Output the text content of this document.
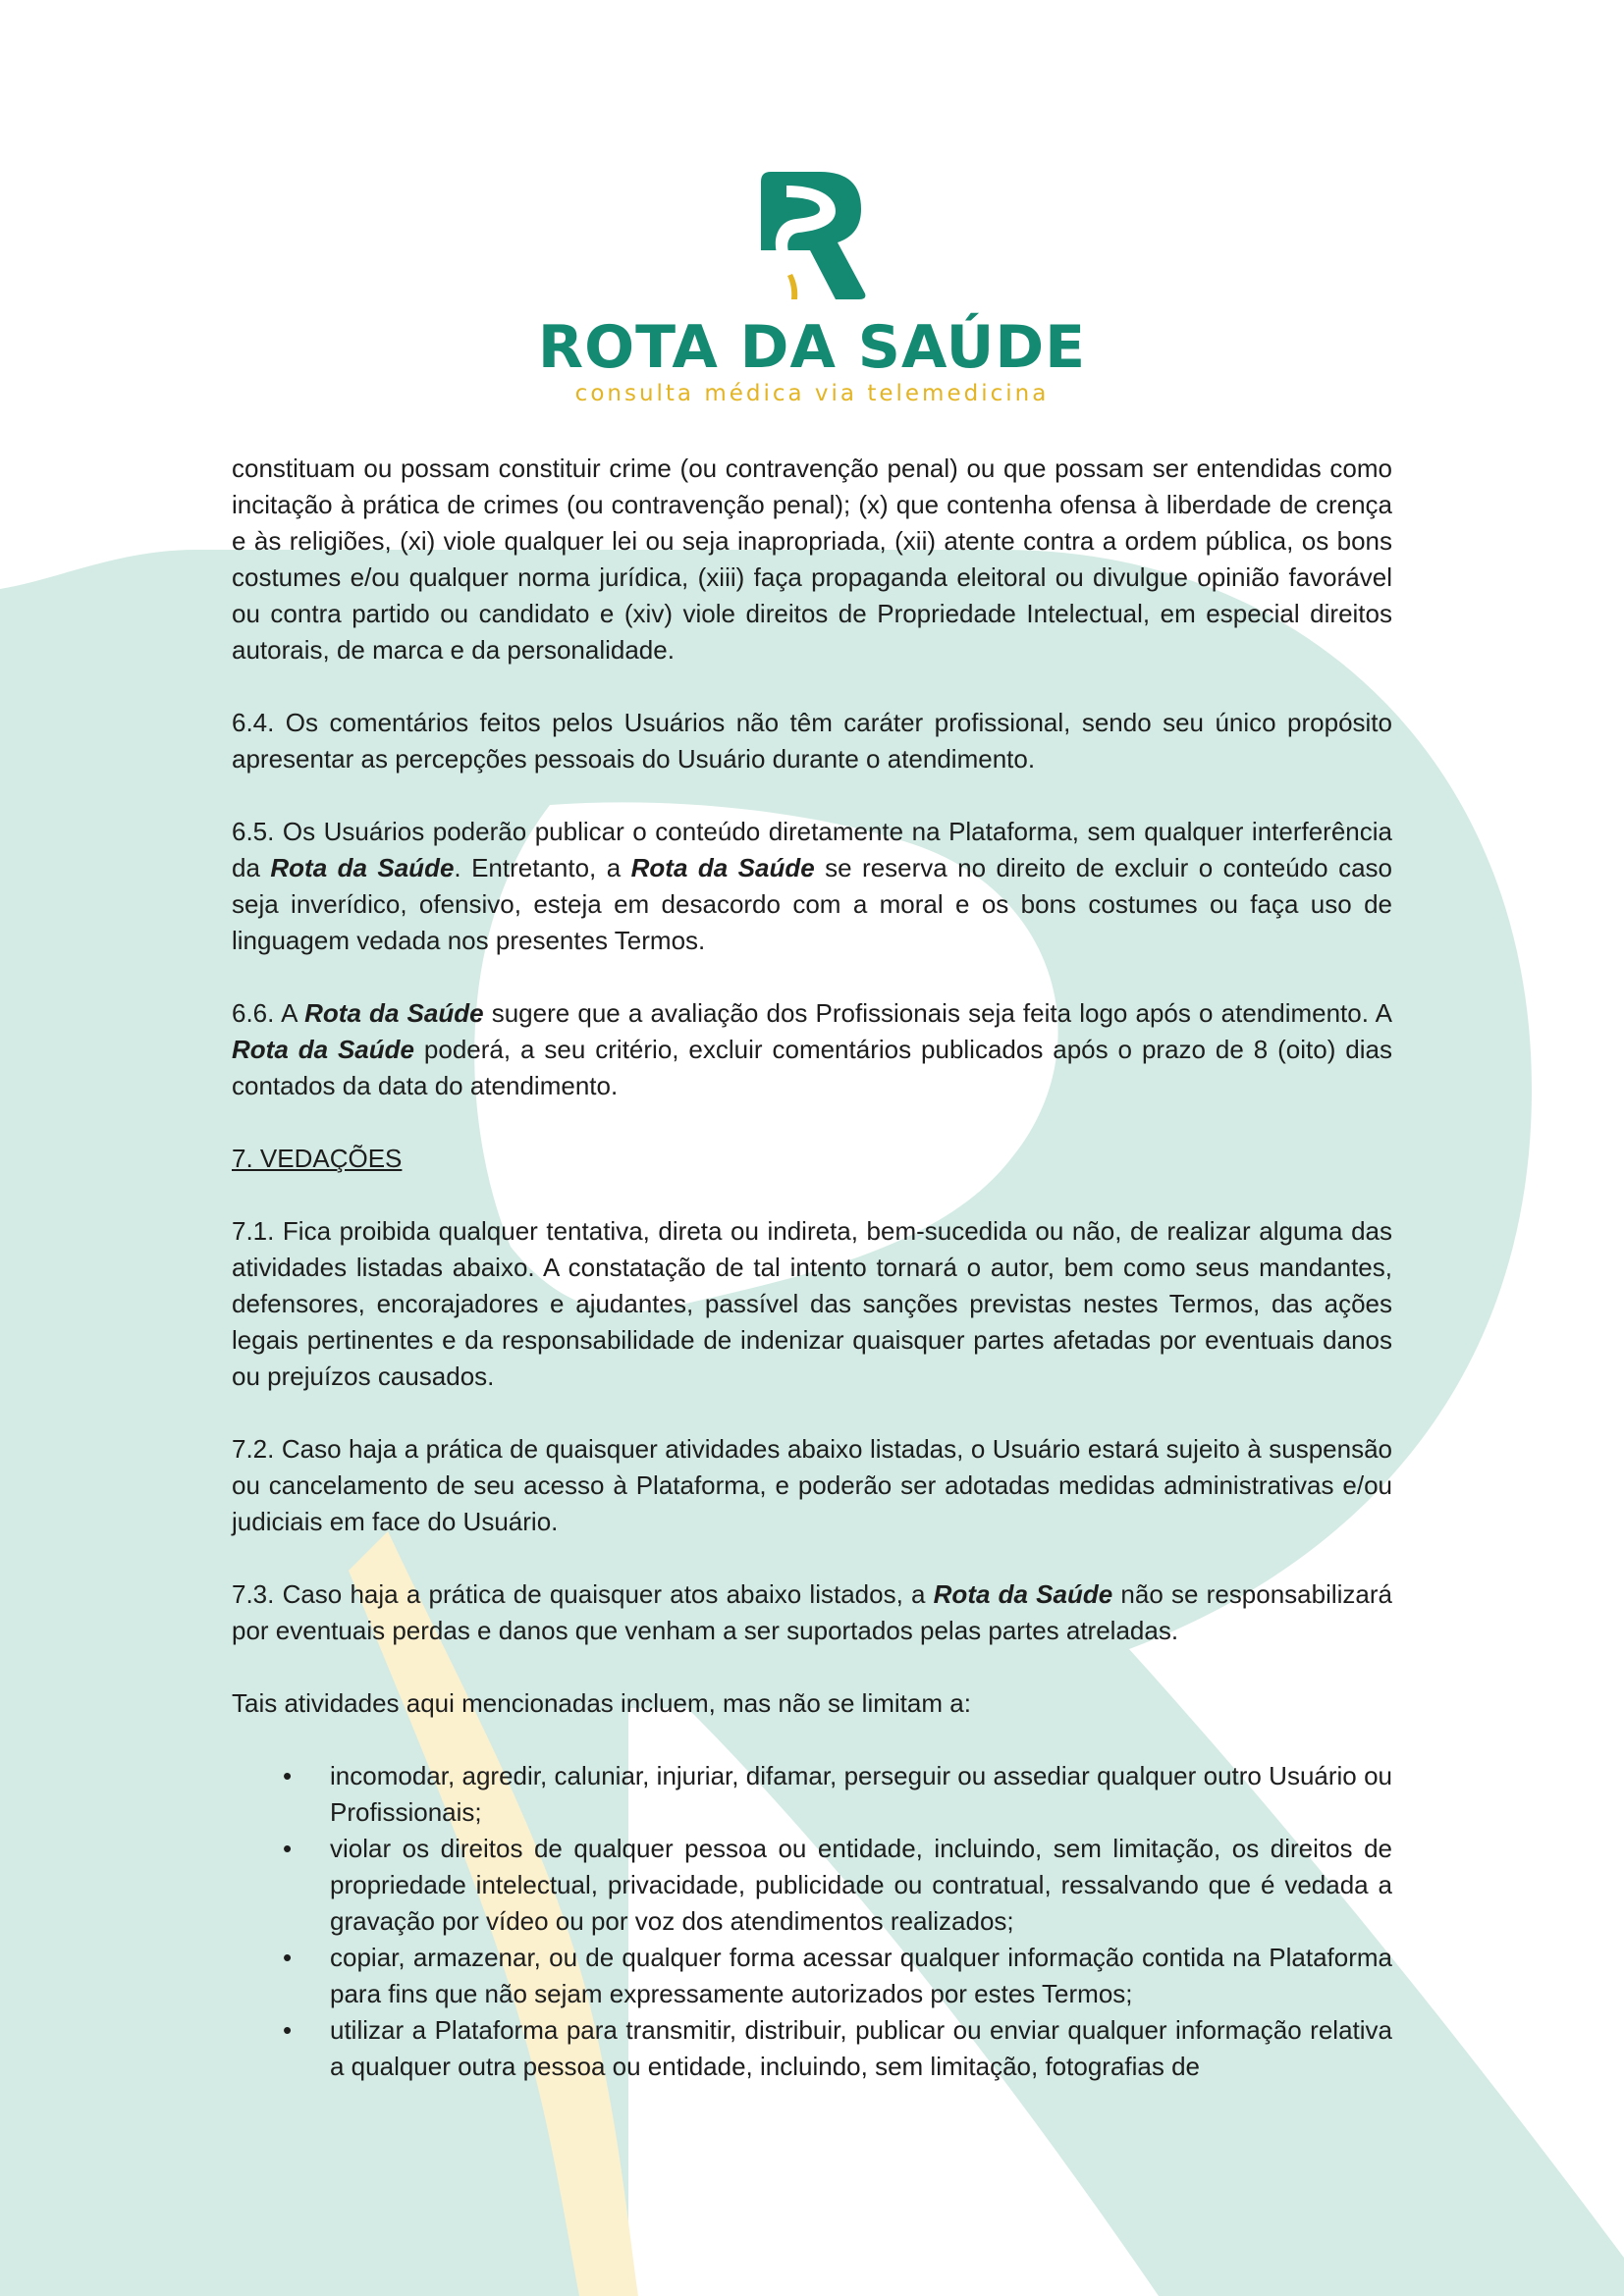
ROTA DA SAÚDE
consulta médica via telemedicina

constituam ou possam constituir crime (ou contravenção penal) ou que possam ser entendidas como incitação à prática de crimes (ou contravenção penal); (x) que contenha ofensa à liberdade de crença e às religiões, (xi) viole qualquer lei ou seja inapropriada, (xii) atente contra a ordem pública, os bons costumes e/ou qualquer norma jurídica, (xiii) faça propaganda eleitoral ou divulgue opinião favorável ou contra partido ou candidato e (xiv) viole direitos de Propriedade Intelectual, em especial direitos autorais, de marca e da personalidade.

6.4. Os comentários feitos pelos Usuários não têm caráter profissional, sendo seu único propósito apresentar as percepções pessoais do Usuário durante o atendimento.

6.5. Os Usuários poderão publicar o conteúdo diretamente na Plataforma, sem qualquer interferência da Rota da Saúde. Entretanto, a Rota da Saúde se reserva no direito de excluir o conteúdo caso seja inverídico, ofensivo, esteja em desacordo com a moral e os bons costumes ou faça uso de linguagem vedada nos presentes Termos.

6.6. A Rota da Saúde sugere que a avaliação dos Profissionais seja feita logo após o atendimento. A Rota da Saúde poderá, a seu critério, excluir comentários publicados após o prazo de 8 (oito) dias contados da data do atendimento.

7. VEDAÇÕES

7.1. Fica proibida qualquer tentativa, direta ou indireta, bem-sucedida ou não, de realizar alguma das atividades listadas abaixo. A constatação de tal intento tornará o autor, bem como seus mandantes, defensores, encorajadores e ajudantes, passível das sanções previstas nestes Termos, das ações legais pertinentes e da responsabilidade de indenizar quaisquer partes afetadas por eventuais danos ou prejuízos causados.

7.2. Caso haja a prática de quaisquer atividades abaixo listadas, o Usuário estará sujeito à suspensão ou cancelamento de seu acesso à Plataforma, e poderão ser adotadas medidas administrativas e/ou judiciais em face do Usuário.

7.3. Caso haja a prática de quaisquer atos abaixo listados, a Rota da Saúde não se responsabilizará por eventuais perdas e danos que venham a ser suportados pelas partes atreladas.

Tais atividades aqui mencionadas incluem, mas não se limitam a:

• incomodar, agredir, caluniar, injuriar, difamar, perseguir ou assediar qualquer outro Usuário ou Profissionais;
• violar os direitos de qualquer pessoa ou entidade, incluindo, sem limitação, os direitos de propriedade intelectual, privacidade, publicidade ou contratual, ressalvando que é vedada a gravação por vídeo ou por voz dos atendimentos realizados;
• copiar, armazenar, ou de qualquer forma acessar qualquer informação contida na Plataforma para fins que não sejam expressamente autorizados por estes Termos;
• utilizar a Plataforma para transmitir, distribuir, publicar ou enviar qualquer informação relativa a qualquer outra pessoa ou entidade, incluindo, sem limitação, fotografias de
